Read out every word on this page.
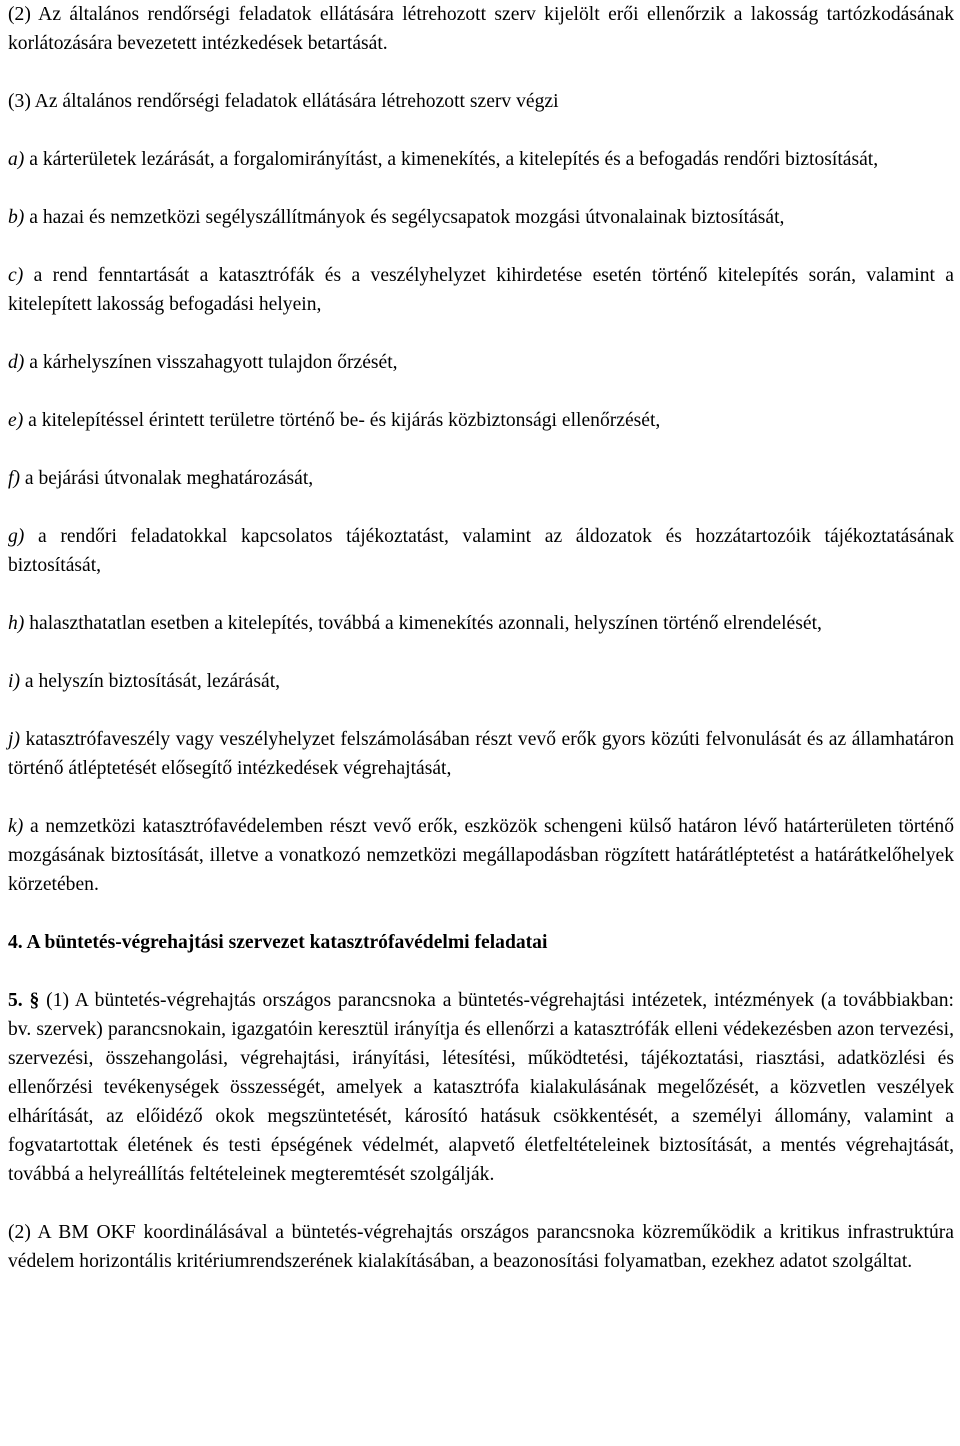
(2) Az általános rendőrségi feladatok ellátására létrehozott szerv kijelölt erői ellenőrzik a lakosság tartózkodásának korlátozására bevezetett intézkedések betartását.

(3) Az általános rendőrségi feladatok ellátására létrehozott szerv végzi

a) a kárterületek lezárását, a forgalomirányítást, a kimenekítés, a kitelepítés és a befogadás rendőri biztosítását,

b) a hazai és nemzetközi segélyszállítmányok és segélycsapatok mozgási útvonalainak biztosítását,

c) a rend fenntartását a katasztrófák és a veszélyhelyzet kihirdetése esetén történő kitelepítés során, valamint a kitelepített lakosság befogadási helyein,

d) a kárhelyszínen visszahagyott tulajdon őrzését,

e) a kitelepítéssel érintett területre történő be- és kijárás közbiztonsági ellenőrzését,

f) a bejárási útvonalak meghatározását,

g) a rendőri feladatokkal kapcsolatos tájékoztatást, valamint az áldozatok és hozzátartozóik tájékoztatásának biztosítását,

h) halaszthatatlan esetben a kitelepítés, továbbá a kimenekítés azonnali, helyszínen történő elrendelését,

i) a helyszín biztosítását, lezárását,

j) katasztrófaveszély vagy veszélyhelyzet felszámolásában részt vevő erők gyors közúti felvonulását és az államhatáron történő átléptetését elősegítő intézkedések végrehajtását,

k) a nemzetközi katasztrófavédelemben részt vevő erők, eszközök schengeni külső határon lévő határterületen történő mozgásának biztosítását, illetve a vonatkozó nemzetközi megállapodásban rögzített határátléptetést a határátkelőhelyek körzetében.

4. A büntetés-végrehajtási szervezet katasztrófavédelmi feladatai

5. § (1) A büntetés-végrehajtás országos parancsnoka a büntetés-végrehajtási intézetek, intézmények (a továbbiakban: bv. szervek) parancsnokain, igazgatóin keresztül irányítja és ellenőrzi a katasztrófák elleni védekezésben azon tervezési, szervezési, összehangolási, végrehajtási, irányítási, létesítési, működtetési, tájékoztatási, riasztási, adatközlési és ellenőrzési tevékenységek összességét, amelyek a katasztrófa kialakulásának megelőzését, a közvetlen veszélyek elhárítását, az előidéző okok megszüntetését, károsító hatásuk csökkentését, a személyi állomány, valamint a fogvatartottak életének és testi épségének védelmét, alapvető életfeltételeinek biztosítását, a mentés végrehajtását, továbbá a helyreállítás feltételeinek megteremtését szolgálják.

(2) A BM OKF koordinálásával a büntetés-végrehajtás országos parancsnoka közreműködik a kritikus infrastruktúra védelem horizontális kritériumrendszerének kialakításában, a beazonosítási folyamatban, ezekhez adatot szolgáltat.
